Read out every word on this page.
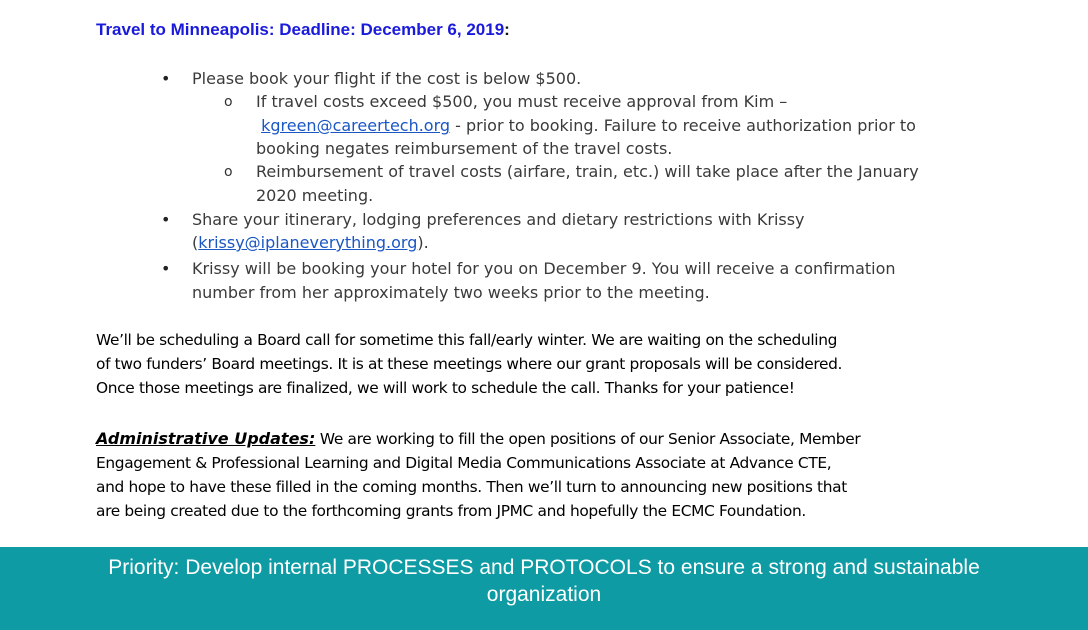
Travel to Minneapolis: Deadline: December 6, 2019:
• Please book your flight if the cost is below $500.
o If travel costs exceed $500, you must receive approval from Kim –
kgreen@careertech.org - prior to booking. Failure to receive authorization prior to
booking negates reimbursement of the travel costs.
o Reimbursement of travel costs (airfare, train, etc.) will take place after the January
2020 meeting.
• Share your itinerary, lodging preferences and dietary restrictions with Krissy
(krissy@iplaneverything.org).
• Krissy will be booking your hotel for you on December 9. You will receive a confirmation
number from her approximately two weeks prior to the meeting.
We’ll be scheduling a Board call for sometime this fall/early winter. We are waiting on the scheduling
of two funders’ Board meetings. It is at these meetings where our grant proposals will be considered.
Once those meetings are finalized, we will work to schedule the call. Thanks for your patience!
Administrative Updates: We are working to fill the open positions of our Senior Associate, Member
Engagement & Professional Learning and Digital Media Communications Associate at Advance CTE,
and hope to have these filled in the coming months. Then we’ll turn to announcing new positions that
are being created due to the forthcoming grants from JPMC and hopefully the ECMC Foundation.
Priority: Develop internal PROCESSES and PROTOCOLS to ensure a strong and sustainable organization
